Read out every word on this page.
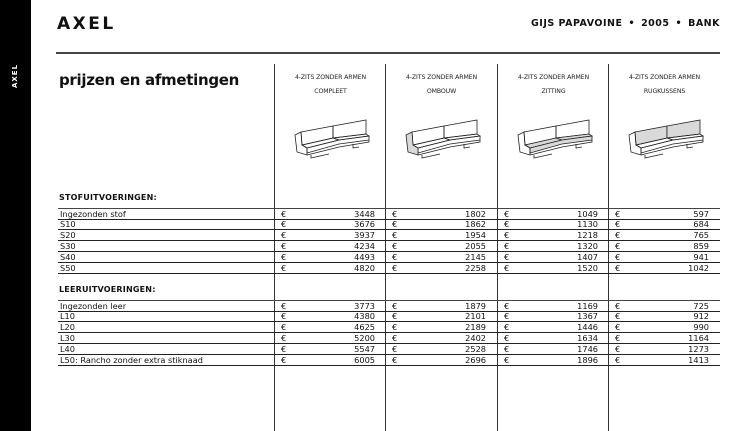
AXEL
AXEL	GIJS PAPAVOINE • 2005 • BANK
prijzen en afmetingen	4-ZITS ZONDER ARMEN
COMPLEET
4-ZITS ZONDER ARMEN
OMBOUW
4-ZITS ZONDER ARMEN
ZITTING
4-ZITS ZONDER ARMEN
RUGKUSSENS
STOFUITVOERINGEN:
Ingezonden stof	€	3448 €	1802 €	1049 €	597
S10	€	3676 €	1862 €	1130 €	684
S20	€	3937 €	1954 €	1218 €	765
S30	€	4234 €	2055 €	1320 €	859
S40	€	4493 €	2145 €	1407 €	941
S50	€	4820 €	2258 €	1520 €	1042
LEERUITVOERINGEN:
Ingezonden leer	€	3773 €	1879 €	1169 €	725
L10	€	4380 €	2101 €	1367 €	912
L20	€	4625 €	2189 €	1446 €	990
L30	€	5200 €	2402 €	1634 €	1164
L40	€	5547 €	2528 €	1746 €	1273
L50: Rancho zonder extra stiknaad	€	6005 €	2696 €	1896 €	1413
